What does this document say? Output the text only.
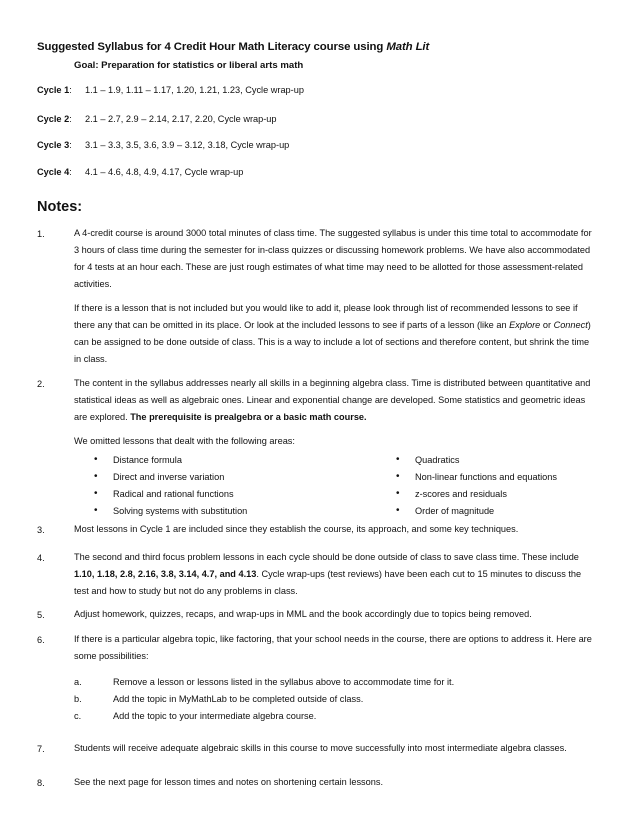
Suggested Syllabus for 4 Credit Hour Math Literacy course using Math Lit
Goal: Preparation for statistics or liberal arts math
Cycle 1: 1.1 – 1.9, 1.11 – 1.17, 1.20, 1.21, 1.23, Cycle wrap-up
Cycle 2: 2.1 – 2.7, 2.9 – 2.14, 2.17, 2.20, Cycle wrap-up
Cycle 3: 3.1 – 3.3, 3.5, 3.6, 3.9 – 3.12, 3.18, Cycle wrap-up
Cycle 4: 4.1 – 4.6, 4.8, 4.9, 4.17, Cycle wrap-up
Notes:
1.	A 4-credit course is around 3000 total minutes of class time. The suggested syllabus is under this time total to accommodate for 3 hours of class time during the semester for in-class quizzes or discussing homework problems. We have also accommodated for 4 tests at an hour each. These are just rough estimates of what time may need to be allotted for those assessment-related activities.
If there is a lesson that is not included but you would like to add it, please look through list of recommended lessons to see if there any that can be omitted in its place. Or look at the included lessons to see if parts of a lesson (like an Explore or Connect) can be assigned to be done outside of class. This is a way to include a lot of sections and therefore content, but shrink the time in class.
2.	The content in the syllabus addresses nearly all skills in a beginning algebra class. Time is distributed between quantitative and statistical ideas as well as algebraic ones. Linear and exponential change are developed. Some statistics and geometric ideas are explored. The prerequisite is prealgebra or a basic math course.
We omitted lessons that dealt with the following areas:
• Distance formula
• Direct and inverse variation
• Radical and rational functions
• Solving systems with substitution
• Quadratics
• Non-linear functions and equations
• z-scores and residuals
• Order of magnitude
3.	Most lessons in Cycle 1 are included since they establish the course, its approach, and some key techniques.
4.	The second and third focus problem lessons in each cycle should be done outside of class to save class time. These include 1.10, 1.18, 2.8, 2.16, 3.8, 3.14, 4.7, and 4.13. Cycle wrap-ups (test reviews) have been each cut to 15 minutes to discuss the test and how to study but not do any problems in class.
5.	Adjust homework, quizzes, recaps, and wrap-ups in MML and the book accordingly due to topics being removed.
6.	If there is a particular algebra topic, like factoring, that your school needs in the course, there are options to address it. Here are some possibilities:
a.	Remove a lesson or lessons listed in the syllabus above to accommodate time for it.
b.	Add the topic in MyMathLab to be completed outside of class.
c.	Add the topic to your intermediate algebra course.
7.	Students will receive adequate algebraic skills in this course to move successfully into most intermediate algebra classes.
8.	See the next page for lesson times and notes on shortening certain lessons.
